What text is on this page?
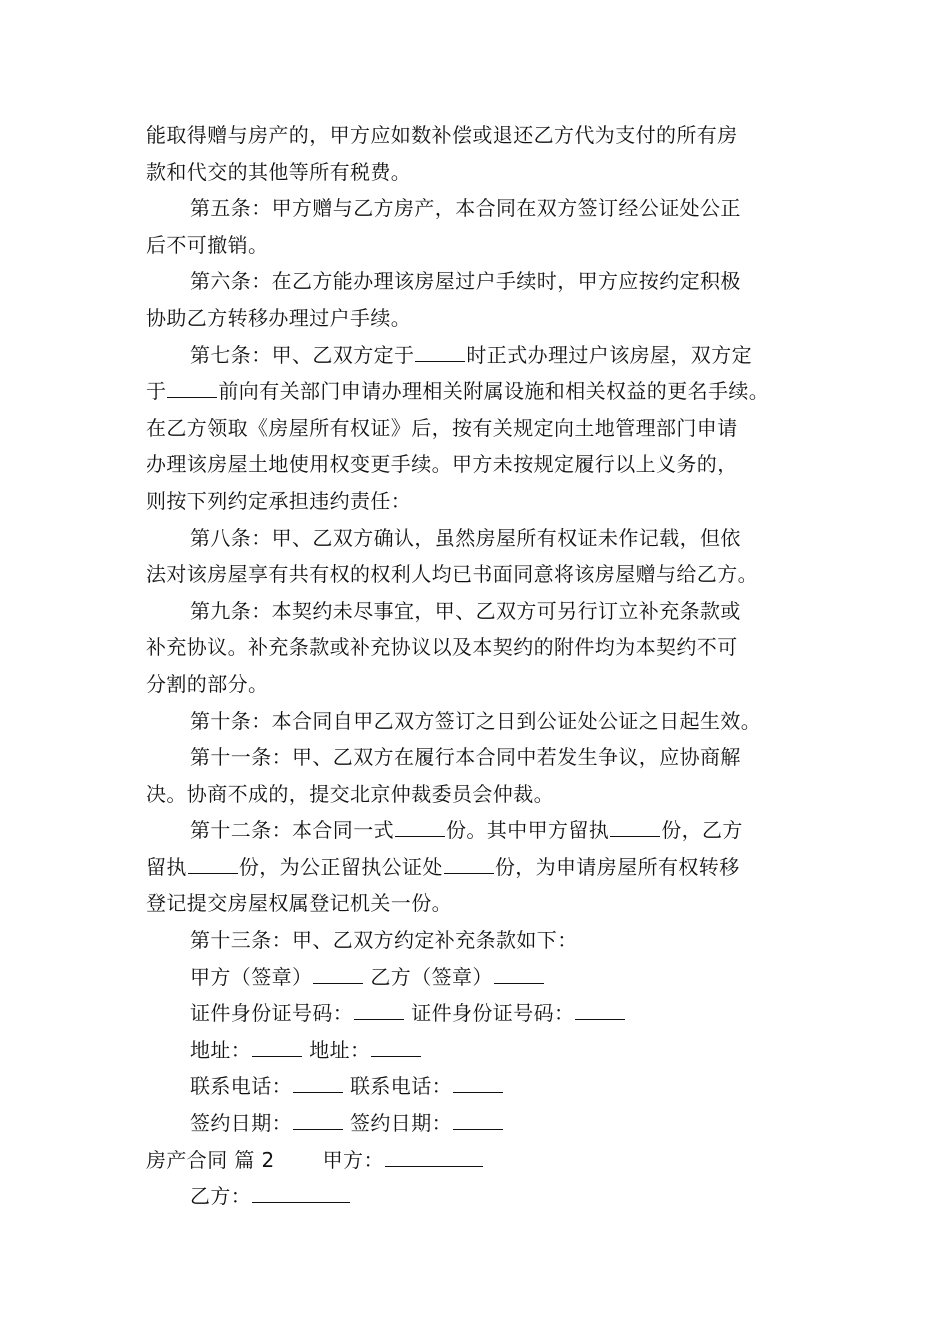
能取得赠与房产的，甲方应如数补偿或退还乙方代为支付的所有房
款和代交的其他等所有税费。
第五条：甲方赠与乙方房产，本合同在双方签订经公证处公正
后不可撤销。
第六条：在乙方能办理该房屋过户手续时，甲方应按约定积极
协助乙方转移办理过户手续。
第七条：甲、乙双方定于	时正式办理过户该房屋，双方定
于	前向有关部门申请办理相关附属设施和相关权益的更名手续。
在乙方领取《房屋所有权证》后，按有关规定向土地管理部门申请
办理该房屋土地使用权变更手续。甲方未按规定履行以上义务的，
则按下列约定承担违约责任：
第八条：甲、乙双方确认，虽然房屋所有权证未作记载，但依
法对该房屋享有共有权的权利人均已书面同意将该房屋赠与给乙方。
第九条：本契约未尽事宜，甲、乙双方可另行订立补充条款或
补充协议。补充条款或补充协议以及本契约的附件均为本契约不可
分割的部分。
第十条：本合同自甲乙双方签订之日到公证处公证之日起生效。
第十一条：甲、乙双方在履行本合同中若发生争议，应协商解
决。协商不成的，提交北京仲裁委员会仲裁。
第十二条：本合同一式	份。其中甲方留执	份，乙方
留执	份，为公正留执公证处	份，为申请房屋所有权转移
登记提交房屋权属登记机关一份。
第十三条：甲、乙双方约定补充条款如下：
甲方（签章）	乙方（签章）
证件身份证号码：	证件身份证号码：
地址：	地址：
联系电话：	联系电话：
签约日期：	签约日期：
房产合同 篇 2 甲方：
乙方：
